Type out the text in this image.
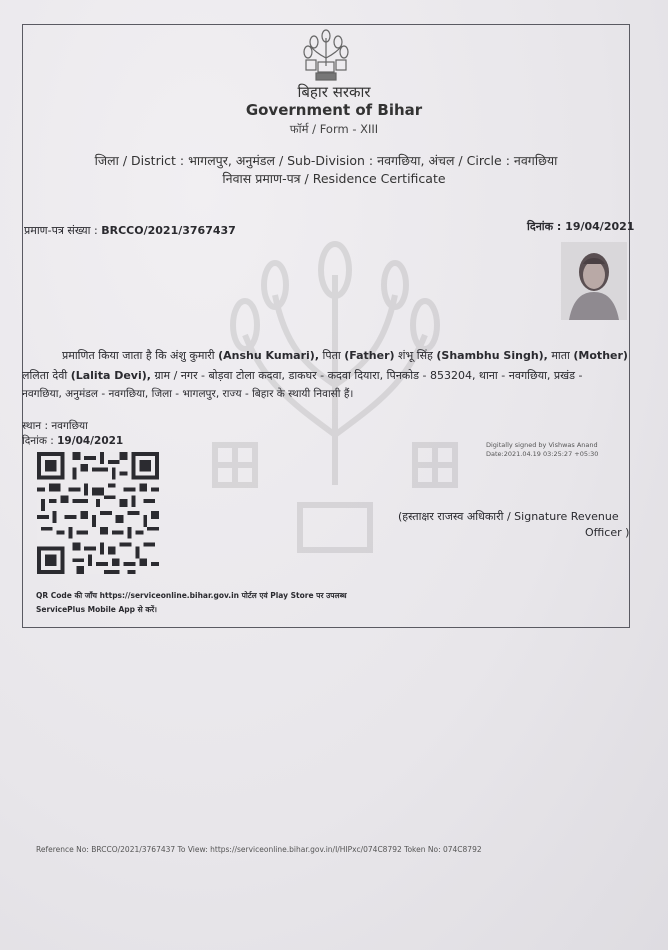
बिहार सरकार
Government of Bihar
फॉर्म / Form - XIII
जिला / District : भागलपुर, अनुमंडल / Sub-Division : नवगछिया, अंचल / Circle : नवगछिया
निवास प्रमाण-पत्र / Residence Certificate
प्रमाण-पत्र संख्या : BRCCO/2021/3767437	दिनांक : 19/04/2021
प्रमाणित किया जाता है कि अंशु कुमारी (Anshu Kumari), पिता (Father) शंभू सिंह (Shambhu Singh), माता (Mother)
ललिता देवी (Lalita Devi), ग्राम / नगर - बोड़वा टोला कदवा, डाकघर - कदवा दियारा, पिनकोड - 853204, थाना - नवगछिया, प्रखंड -
नवगछिया, अनुमंडल - नवगछिया, जिला - भागलपुर, राज्य - बिहार के स्थायी निवासी हैं।
स्थान : नवगछिया
दिनांक : 19/04/2021	Digitally signed by Vishwas Anand
Date:2021.04.19 03:25:27 +05:30
(हस्ताक्षर राजस्व अधिकारी / Signature Revenue
Officer )
QR Code की जाँच https://serviceonline.bihar.gov.in पोर्टल एवं Play Store पर उपलब्ध
ServicePlus Mobile App से करें।
Reference No: BRCCO/2021/3767437 To View: https://serviceonline.bihar.gov.in/I/HIPxc/074C8792 Token No: 074C8792
